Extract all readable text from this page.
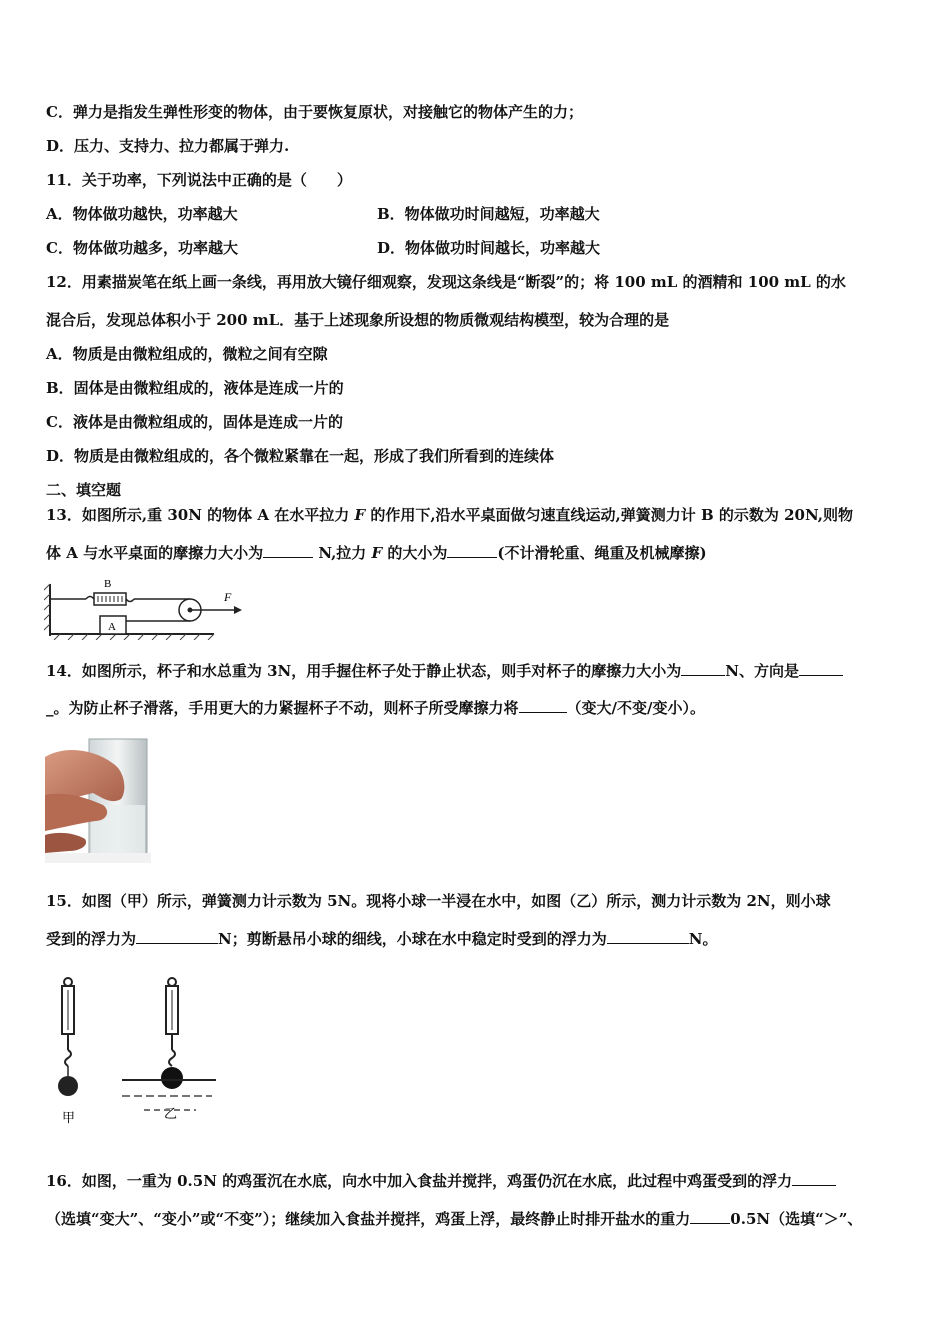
C．弹力是指发生弹性形变的物体，由于要恢复原状，对接触它的物体产生的力；
D．压力、支持力、拉力都属于弹力.
11．关于功率，下列说法中正确的是（　　）
A．物体做功越快，功率越大	B．物体做功时间越短，功率越大
C．物体做功越多，功率越大	D．物体做功时间越长，功率越大
12．用素描炭笔在纸上画一条线，再用放大镜仔细观察，发现这条线是“断裂”的；将 100 mL 的酒精和 100 mL 的水
混合后，发现总体积小于 200 mL．基于上述现象所设想的物质微观结构模型，较为合理的是
A．物质是由微粒组成的，微粒之间有空隙
B．固体是由微粒组成的，液体是连成一片的
C．液体是由微粒组成的，固体是连成一片的
D．物质是由微粒组成的，各个微粒紧靠在一起，形成了我们所看到的连续体
二、填空题
13．如图所示,重 30N 的物体 A 在水平拉力 F 的作用下,沿水平桌面做匀速直线运动,弹簧测力计 B 的示数为 20N,则物
体 A 与水平桌面的摩擦力大小为	N,拉力 F 的大小为	(不计滑轮重、绳重及机械摩擦)
B
F
A
14．如图所示，杯子和水总重为 3N，用手握住杯子处于静止状态，则手对杯子的摩擦力大小为	N、方向是
_。为防止杯子滑落，手用更大的力紧握杯子不动，则杯子所受摩擦力将	（变大/不变/变小）。
15．如图（甲）所示，弹簧测力计示数为 5N。现将小球一半浸在水中，如图（乙）所示，测力计示数为 2N，则小球
受到的浮力为	N；剪断悬吊小球的细线，小球在水中稳定时受到的浮力为	N。
甲	乙
16．如图，一重为 0.5N 的鸡蛋沉在水底，向水中加入食盐并搅拌，鸡蛋仍沉在水底，此过程中鸡蛋受到的浮力
（选填“变大”、“变小”或“不变”）；继续加入食盐并搅拌，鸡蛋上浮，最终静止时排开盐水的重力	0.5N（选填“＞”、
